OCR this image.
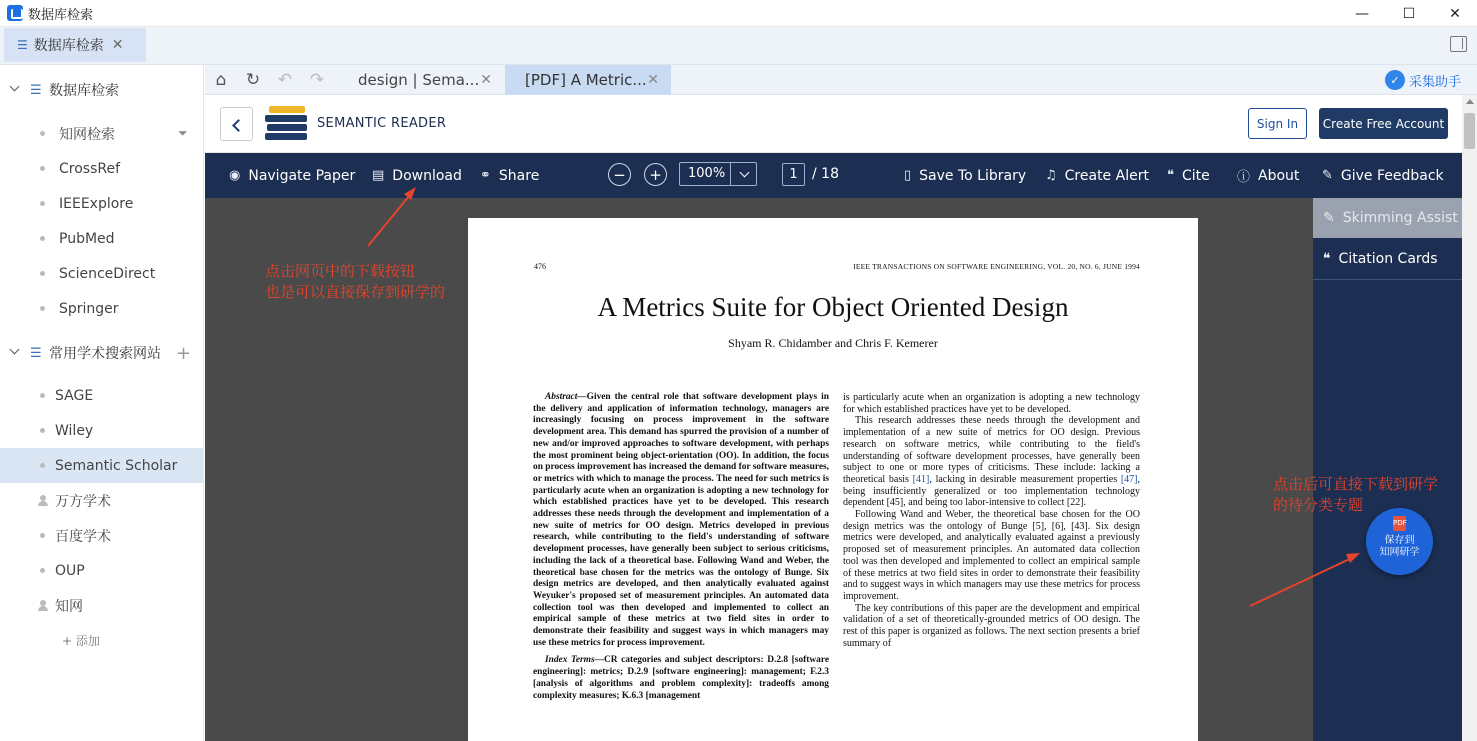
数据库检索	—	☐	✕
☰ 数据库检索 ✕
☰ 数据库检索
知网检索	⏷
CrossRef
IEEExplore
PubMed
ScienceDirect
Springer
☰ 常用学术搜索网站 +
SAGE
Wiley
Semantic Scholar
万方学术
百度学术
OUP
知网
+ 添加
⌂	↻ ↶ ↷ design | Sema... ✕ [PDF] A Metric... ✕	✓ 采集助手
SEMANTIC READER	Sign In	Create Free Account
◉ Navigate Paper ▤ Download ⚭ Share	− + 100%	1	/ 18	▯ Save To Library ♫ Create Alert ❝ Cite ⓘ About ✎ Give Feedback
476	IEEE TRANSACTIONS ON SOFTWARE ENGINEERING, VOL. 20, NO. 6, JUNE 1994
A Metrics Suite for Object Oriented Design
Shyam R. Chidamber and Chris F. Kemerer

Abstract—Given the central role that software development plays in the delivery and application of information technology, managers are increasingly focusing on process improvement in the software development area. This demand has spurred the provision of a number of new and/or improved approaches to software development, with perhaps the most prominent being object-orientation (OO). In addition, the focus on process improvement has increased the demand for software measures, or metrics with which to manage the process. The need for such metrics is particularly acute when an organization is adopting a new technology for which established practices have yet to be developed. This research addresses these needs through the development and implementation of a new suite of metrics for OO design. Metrics developed in previous research, while contributing to the field's understanding of software development processes, have generally been subject to serious criticisms, including the lack of a theoretical base. Following Wand and Weber, the theoretical base chosen for the metrics was the ontology of Bunge. Six design metrics are developed, and then analytically evaluated against Weyuker's proposed set of measurement principles. An automated data collection tool was then developed and implemented to collect an empirical sample of these metrics at two field sites in order to demonstrate their feasibility and suggest ways in which managers may use these metrics for process improvement.

Index Terms—CR categories and subject descriptors: D.2.8 [software engineering]: metrics; D.2.9 [software engineering]: management; F.2.3 [analysis of algorithms and problem complexity]: tradeoffs among complexity measures; K.6.3 [management

is particularly acute when an organization is adopting a new technology for which established practices have yet to be developed.

This research addresses these needs through the development and implementation of a new suite of metrics for OO design. Previous research on software metrics, while contributing to the field's understanding of software development processes, have generally been subject to one or more types of criticisms. These include: lacking a theoretical basis [41], lacking in desirable measurement properties [47], being insufficiently generalized or too implementation technology dependent [45], and being too labor-intensive to collect [22].

Following Wand and Weber, the theoretical base chosen for the OO design metrics was the ontology of Bunge [5], [6], [43]. Six design metrics were developed, and analytically evaluated against a previously proposed set of measurement principles. An automated data collection tool was then developed and implemented to collect an empirical sample of these metrics at two field sites in order to demonstrate their feasibility and to suggest ways in which managers may use these metrics for process improvement.

The key contributions of this paper are the development and empirical validation of a set of theoretically-grounded metrics of OO design. The rest of this paper is organized as follows. The next section presents a brief summary of

✎ Skimming Assist
❝ Citation Cards
点击网页中的下载按钮
也是可以直接保存到研学的
点击后可直接下载到研学
的待分类专题
PDF
保存到
知网研学
